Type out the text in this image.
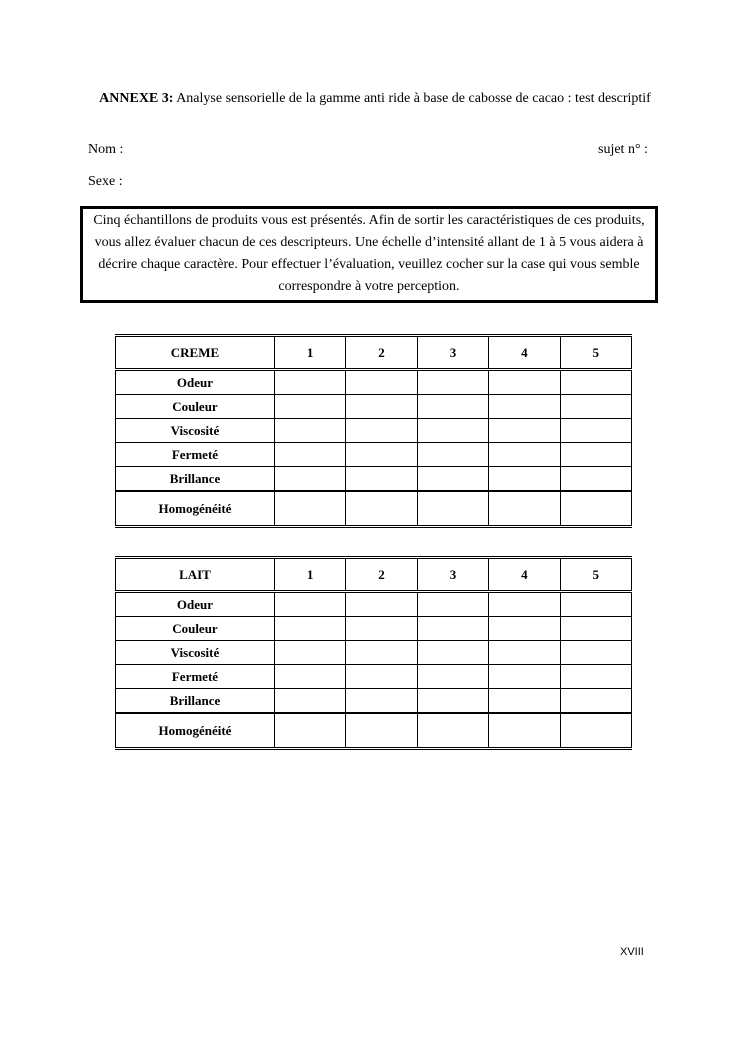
ANNEXE 3: Analyse sensorielle de la gamme anti ride à base de cabosse de cacao : test descriptif
Nom :	sujet n° :
Sexe :
Cinq échantillons de produits vous est présentés. Afin de sortir les caractéristiques de ces produits, vous allez évaluer chacun de ces descripteurs. Une échelle d’intensité allant de 1 à 5 vous aidera à décrire chaque caractère. Pour effectuer l’évaluation, veuillez cocher sur la case qui vous semble correspondre à votre perception.
CREME	1	2	3	4	5
Odeur					
Couleur					
Viscosité					
Fermeté					
Brillance					
Homogénéité					
LAIT	1	2	3	4	5
Odeur					
Couleur					
Viscosité					
Fermeté					
Brillance					
Homogénéité					
XVIII
